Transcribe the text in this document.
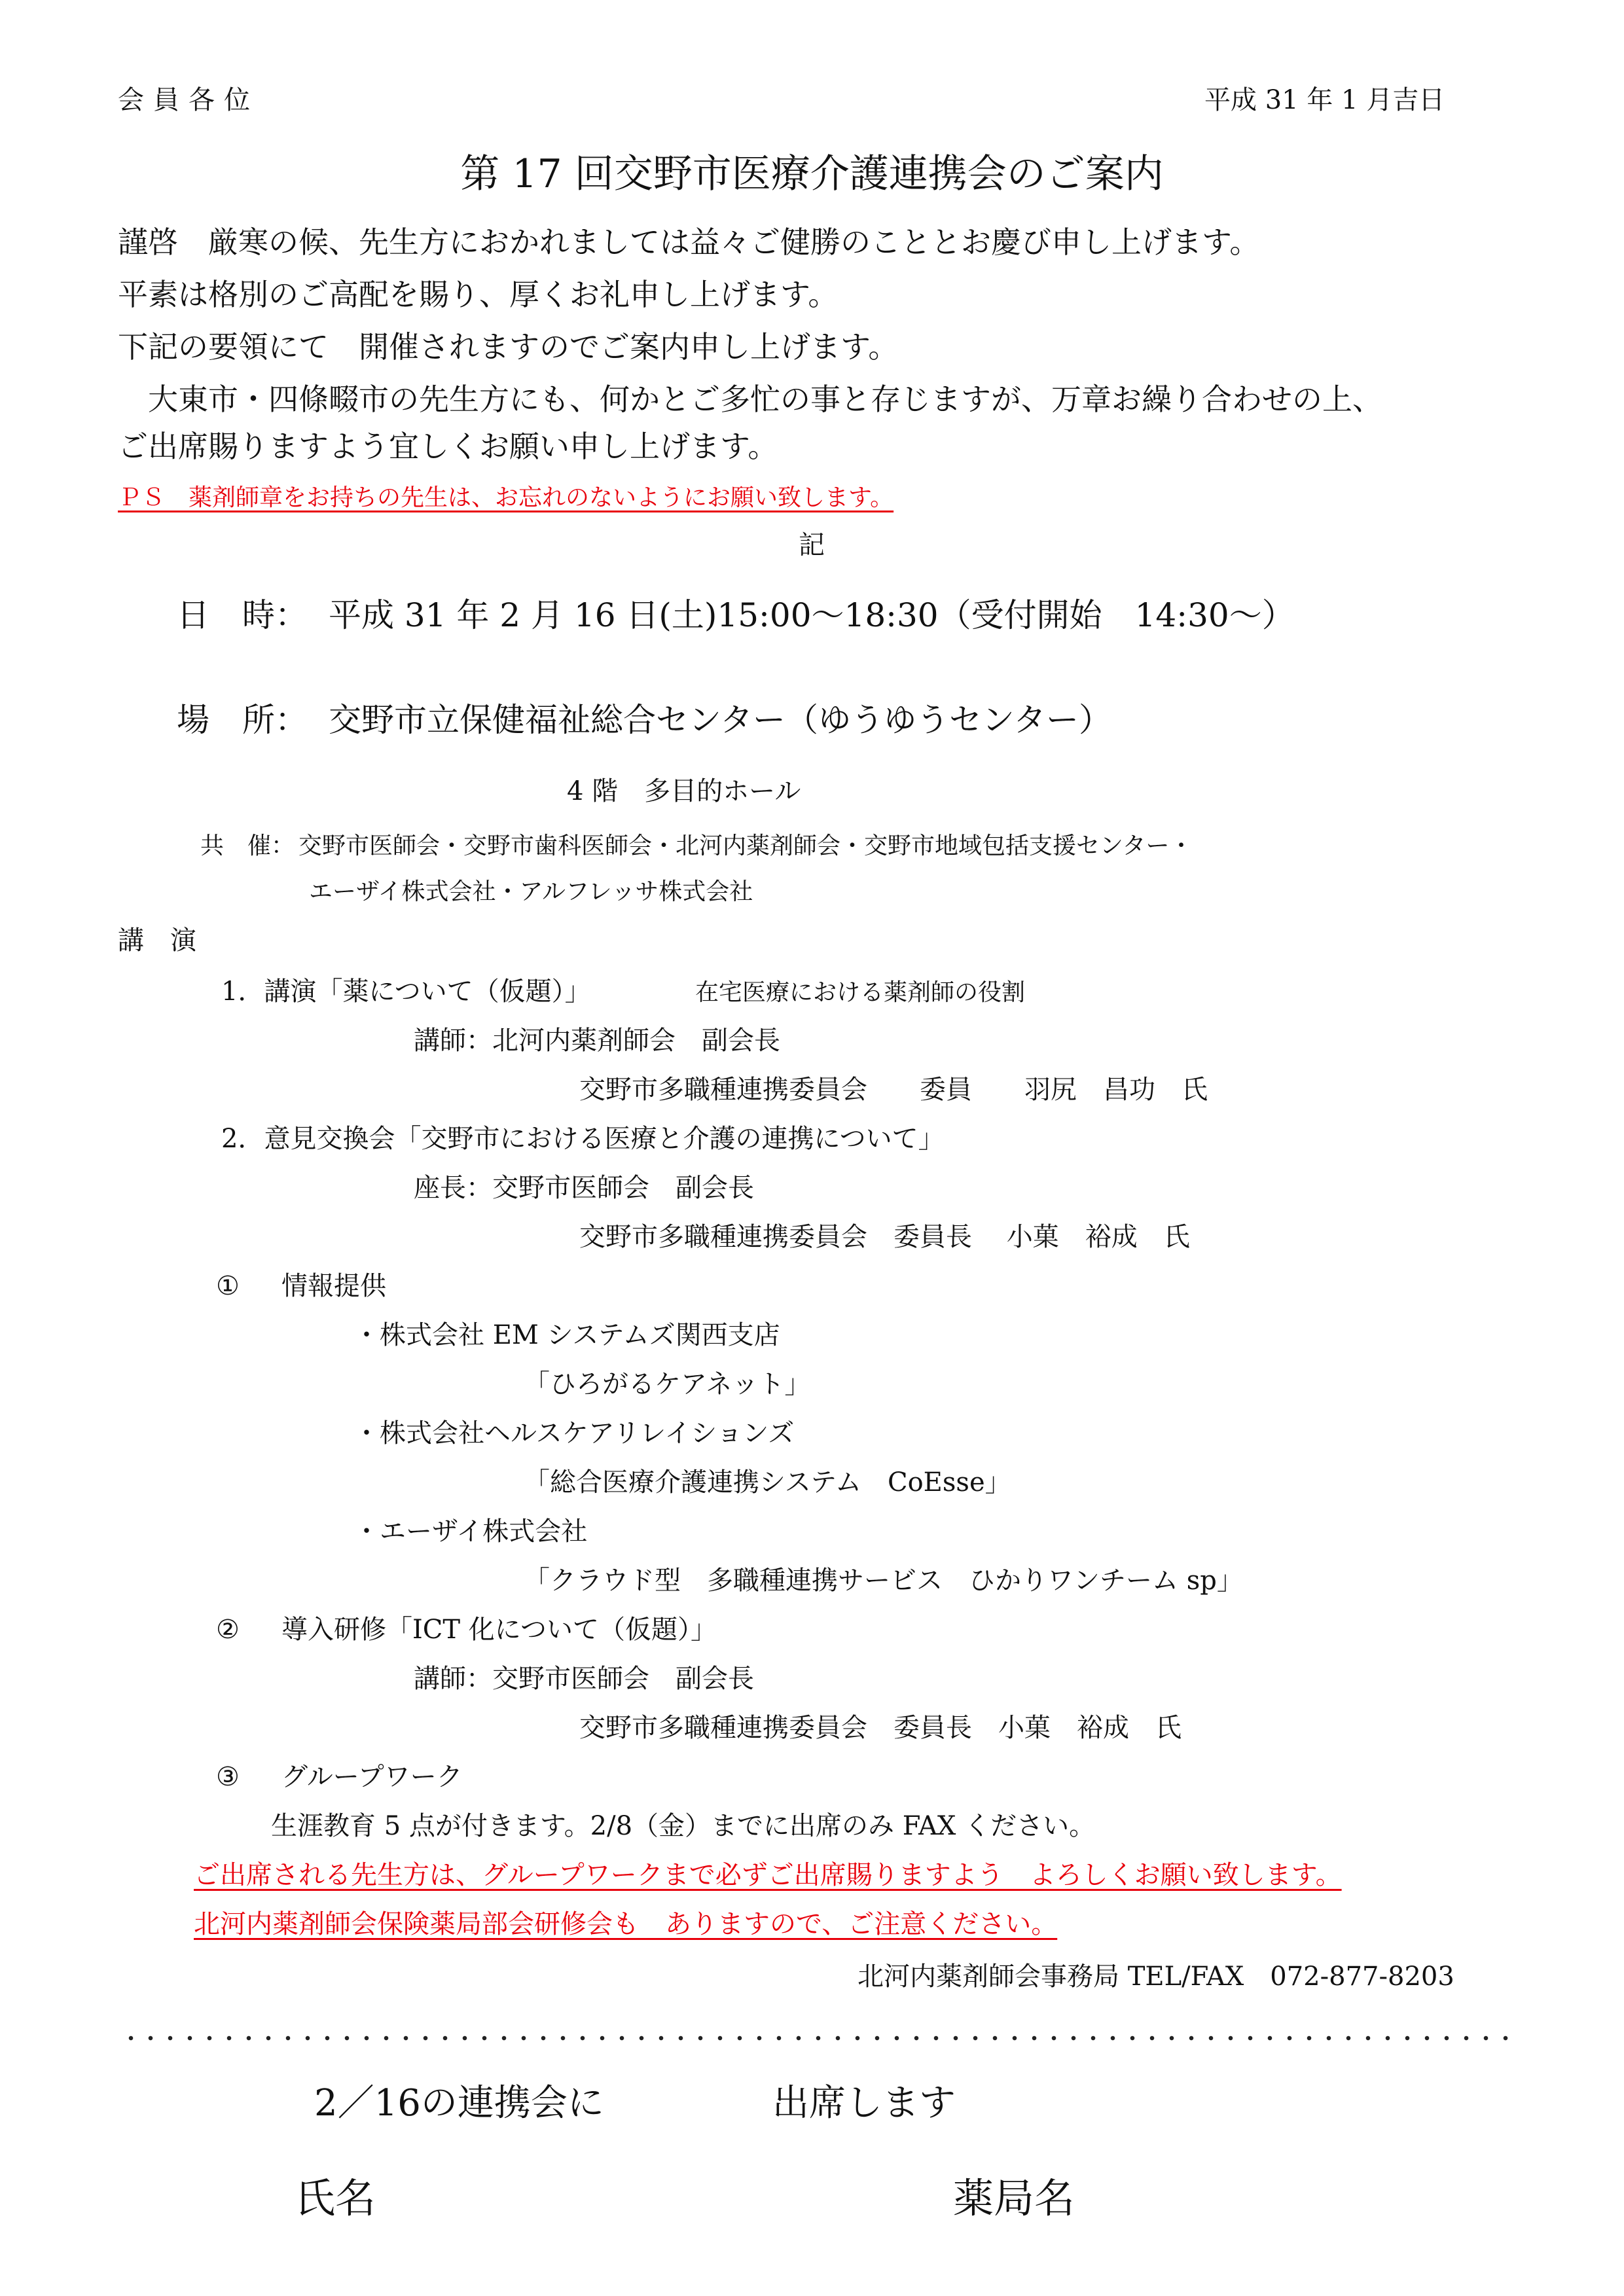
会員各位	平成 31 年 1 月吉日
第 17 回交野市医療介護連携会のご案内
謹啓　厳寒の候、先生方におかれましては益々ご健勝のこととお慶び申し上げます。
平素は格別のご高配を賜り、厚くお礼申し上げます。
下記の要領にて　開催されますのでご案内申し上げます。
　大東市・四條畷市の先生方にも、何かとご多忙の事と存じますが、万章お繰り合わせの上、
ご出席賜りますよう宜しくお願い申し上げます。
ＰＳ　薬剤師章をお持ちの先生は、お忘れのないようにお願い致します。
記
日　時： 平成 31 年 2 月 16 日(土)15:00～18:30（受付開始　14:30～）
場　所： 交野市立保健福祉総合センター（ゆうゆうセンター）
4 階　多目的ホール
共　催： 交野市医師会・交野市歯科医師会・北河内薬剤師会・交野市地域包括支援センター・
エーザイ株式会社・アルフレッサ株式会社
講　演
1．講演「薬について（仮題）」	在宅医療における薬剤師の役割
講師：北河内薬剤師会　副会長
交野市多職種連携委員会　　委員　　羽尻　昌功　氏
2．意見交換会「交野市における医療と介護の連携について」
座長：交野市医師会　副会長
交野市多職種連携委員会　委員長　 小菓　裕成　氏
① 情報提供
・株式会社 EM システムズ関西支店
「ひろがるケアネット」
・株式会社ヘルスケアリレイションズ
「総合医療介護連携システム　CoEsse」
・エーザイ株式会社
「クラウド型　多職種連携サービス　ひかりワンチーム sp」
② 導入研修「ICT 化について（仮題）」
講師：交野市医師会　副会長
交野市多職種連携委員会　委員長　小菓　裕成　氏
③ グループワーク
生涯教育 5 点が付きます。2/8（金）までに出席のみ FAX ください。
ご出席される先生方は、グループワークまで必ずご出席賜りますよう　よろしくお願い致します。
北河内薬剤師会保険薬局部会研修会も　ありますので、ご注意ください。
北河内薬剤師会事務局 TEL/FAX　072-877-8203
2／16の連携会に	出席します
氏名	薬局名
